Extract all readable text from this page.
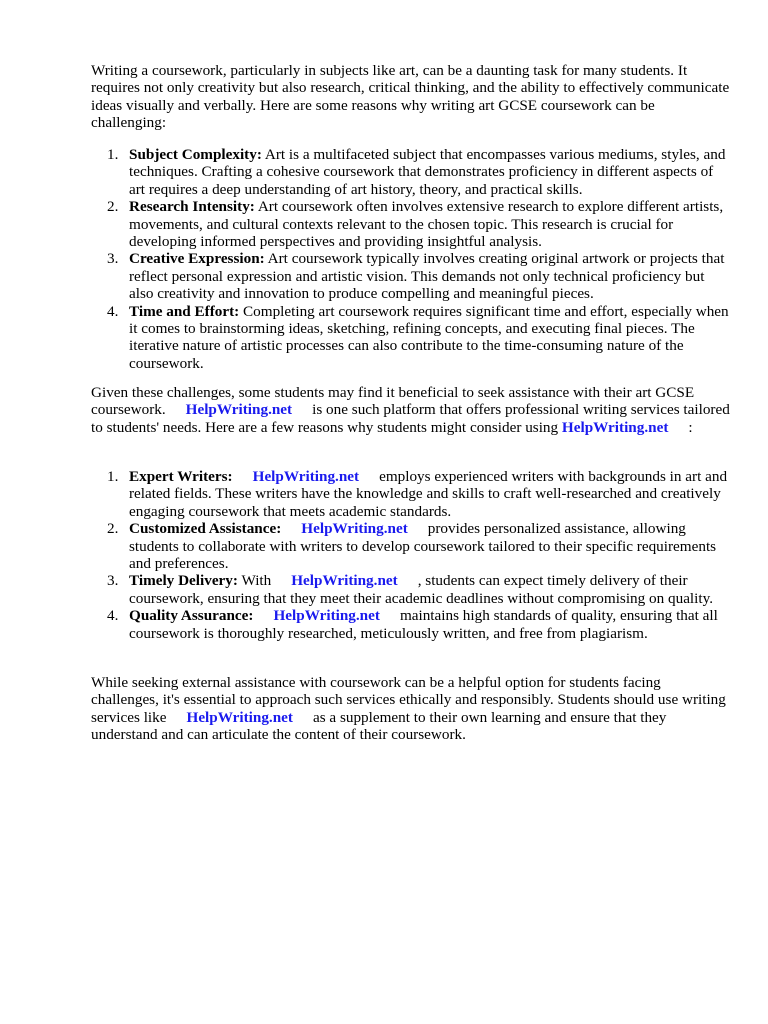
Writing a coursework, particularly in subjects like art, can be a daunting task for many students. It requires not only creativity but also research, critical thinking, and the ability to effectively communicate ideas visually and verbally. Here are some reasons why writing art GCSE coursework can be challenging:

1. Subject Complexity: Art is a multifaceted subject that encompasses various mediums, styles, and techniques. Crafting a cohesive coursework that demonstrates proficiency in different aspects of art requires a deep understanding of art history, theory, and practical skills.
2. Research Intensity: Art coursework often involves extensive research to explore different artists, movements, and cultural contexts relevant to the chosen topic. This research is crucial for developing informed perspectives and providing insightful analysis.
3. Creative Expression: Art coursework typically involves creating original artwork or projects that reflect personal expression and artistic vision. This demands not only technical proficiency but also creativity and innovation to produce compelling and meaningful pieces.
4. Time and Effort: Completing art coursework requires significant time and effort, especially when it comes to brainstorming ideas, sketching, refining concepts, and executing final pieces. The iterative nature of artistic processes can also contribute to the time-consuming nature of the coursework.

Given these challenges, some students may find it beneficial to seek assistance with their art GCSE coursework. HelpWriting.net is one such platform that offers professional writing services tailored to students' needs. Here are a few reasons why students might consider using HelpWriting.net :

1. Expert Writers: HelpWriting.net employs experienced writers with backgrounds in art and related fields. These writers have the knowledge and skills to craft well-researched and creatively engaging coursework that meets academic standards.
2. Customized Assistance: HelpWriting.net provides personalized assistance, allowing students to collaborate with writers to develop coursework tailored to their specific requirements and preferences.
3. Timely Delivery: With HelpWriting.net , students can expect timely delivery of their coursework, ensuring that they meet their academic deadlines without compromising on quality.
4. Quality Assurance: HelpWriting.net maintains high standards of quality, ensuring that all coursework is thoroughly researched, meticulously written, and free from plagiarism.

While seeking external assistance with coursework can be a helpful option for students facing challenges, it's essential to approach such services ethically and responsibly. Students should use writing services like HelpWriting.net as a supplement to their own learning and ensure that they understand and can articulate the content of their coursework.
